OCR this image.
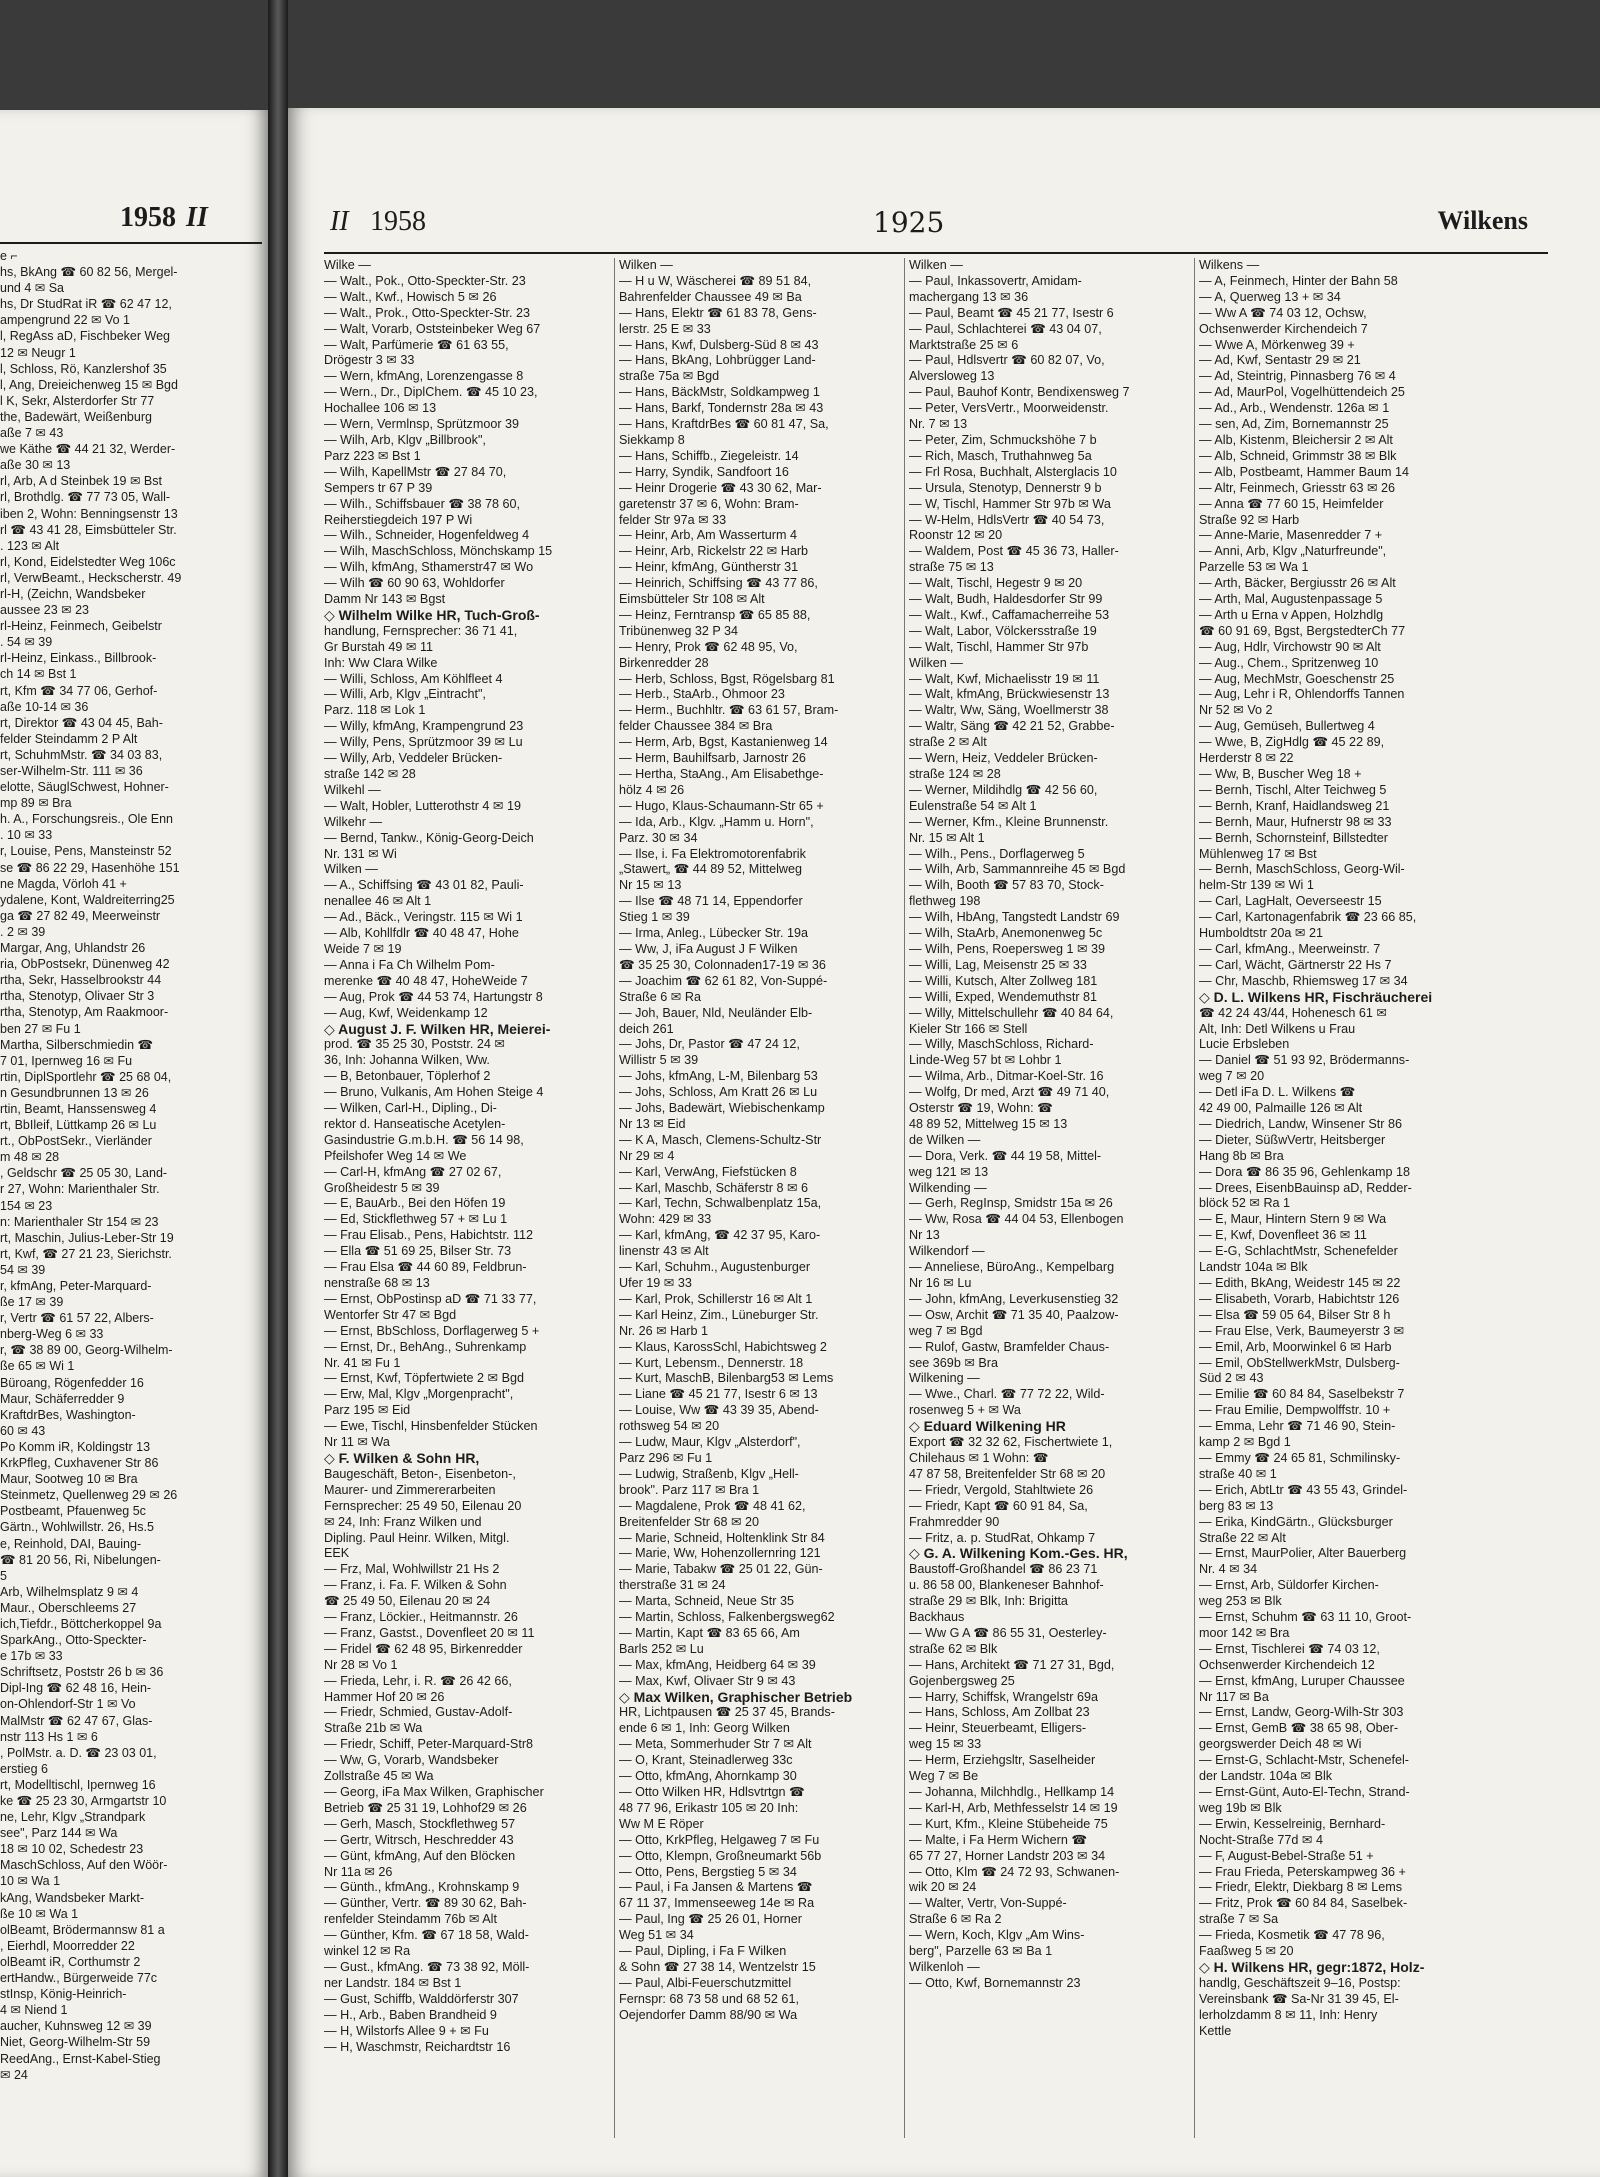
1958 II
e ⌐
hs, BkAng ☎ 60 82 56, Mergel-
und 4 ✉ Sa
hs, Dr StudRat iR ☎ 62 47 12,
ampengrund 22 ✉ Vo 1
l, RegAss aD, Fischbeker Weg
12 ✉ Neugr 1
l, Schloss, Rö, Kanzlershof 35
l, Ang, Dreieichenweg 15 ✉ Bgd
l K, Sekr, Alsterdorfer Str 77
the, Badewärt, Weißenburg
aße 7 ✉ 43
we Käthe ☎ 44 21 32, Werder-
aße 30 ✉ 13
rl, Arb, A d Steinbek 19 ✉ Bst
rl, Brothdlg. ☎ 77 73 05, Wall-
iben 2, Wohn: Benningsenstr 13
rl ☎ 43 41 28, Eimsbütteler Str.
. 123 ✉ Alt
rl, Kond, Eidelstedter Weg 106c
rl, VerwBeamt., Heckscherstr. 49
rl-H, (Zeichn, Wandsbeker
aussee 23 ✉ 23
rl-Heinz, Feinmech, Geibelstr
. 54 ✉ 39
rl-Heinz, Einkass., Billbrook-
ch 14 ✉ Bst 1
rt, Kfm ☎ 34 77 06, Gerhof-
aße 10-14 ✉ 36
rt, Direktor ☎ 43 04 45, Bah-
felder Steindamm 2 P Alt
rt, SchuhmMstr. ☎ 34 03 83,
ser-Wilhelm-Str. 111 ✉ 36
elotte, SäuglSchwest, Hohner-
mp 89 ✉ Bra
h. A., Forschungsreis., Ole Enn
. 10 ✉ 33
r, Louise, Pens, Mansteinstr 52
se ☎ 86 22 29, Hasenhöhe 151
ne Magda, Vörloh 41 +
ydalene, Kont, Waldreiterring25
ga ☎ 27 82 49, Meerweinstr
. 2 ✉ 39
Margar, Ang, Uhlandstr 26
ria, ObPostsekr, Dünenweg 42
rtha, Sekr, Hasselbrookstr 44
rtha, Stenotyp, Olivaer Str 3
rtha, Stenotyp, Am Raakmoor-
ben 27 ✉ Fu 1
Martha, Silberschmiedin ☎
7 01, Ipernweg 16 ✉ Fu
rtin, DiplSportlehr ☎ 25 68 04,
n Gesundbrunnen 13 ✉ 26
rtin, Beamt, Hanssensweg 4
rt, BbIleif, Lüttkamp 26 ✉ Lu
rt., ObPostSekr., Vierländer
m 48 ✉ 28
, Geldschr ☎ 25 05 30, Land-
r 27, Wohn: Marienthaler Str.
154 ✉ 23
n: Marienthaler Str 154 ✉ 23
rt, Maschin, Julius-Leber-Str 19
rt, Kwf, ☎ 27 21 23, Sierichstr.
54 ✉ 39
r, kfmAng, Peter-Marquard-
ße 17 ✉ 39
r, Vertr ☎ 61 57 22, Albers-
nberg-Weg 6 ✉ 33
r, ☎ 38 89 00, Georg-Wilhelm-
ße 65 ✉ Wi 1
Büroang, Rögenfedder 16
Maur, Schäferredder 9
KraftdrBes, Washington-
60 ✉ 43
Po Komm iR, Koldingstr 13
KrkPfleg, Cuxhavener Str 86
Maur, Sootweg 10 ✉ Bra
Steinmetz, Quellenweg 29 ✉ 26
Postbeamt, Pfauenweg 5c
Gärtn., Wohlwillstr. 26, Hs.5
e, Reinhold, DAI, Bauing-
☎ 81 20 56, Ri, Nibelungen-
5
Arb, Wilhelmsplatz 9 ✉ 4
Maur., Oberschleems 27
ich,Tiefdr., Böttcherkoppel 9a
SparkAng., Otto-Speckter-
e 17b ✉ 33
Schriftsetz, Poststr 26 b ✉ 36
Dipl-Ing ☎ 62 48 16, Hein-
on-Ohlendorf-Str 1 ✉ Vo
MalMstr ☎ 62 47 67, Glas-
nstr 113 Hs 1 ✉ 6
, PolMstr. a. D. ☎ 23 03 01,
erstieg 6
rt, Modelltischl, Ipernweg 16
ke ☎ 25 23 30, Armgartstr 10
ne, Lehr, Klgv „Strandpark
see", Parz 144 ✉ Wa
18 ✉ 10 02, Schedestr 23
MaschSchloss, Auf den Wöör-
10 ✉ Wa 1
kAng, Wandsbeker Markt-
ße 10 ✉ Wa 1
olBeamt, Brödermannsw 81 a
, Eierhdl, Moorredder 22
olBeamt iR, Corthumstr 2
ertHandw., Bürgerweide 77c
stInsp, König-Heinrich-
4 ✉ Niend 1
aucher, Kuhnsweg 12 ✉ 39
Niet, Georg-Wilhelm-Str 59
ReedAng., Ernst-Kabel-Stieg
✉ 24
II 1958	1925	Wilkens
Wilke —
— Walt., Pok., Otto-Speckter-Str. 23
— Walt., Kwf., Howisch 5 ✉ 26
— Walt., Prok., Otto-Speckter-Str. 23
— Walt, Vorarb, Oststeinbeker Weg 67
— Walt, Parfümerie ☎ 61 63 55,
Drögestr 3 ✉ 33
— Wern, kfmAng, Lorenzengasse 8
— Wern., Dr., DiplChem. ☎ 45 10 23,
Hochallee 106 ✉ 13
— Wern, Vermlnsp, Sprützmoor 39
— Wilh, Arb, Klgv „Billbrook",
Parz 223 ✉ Bst 1
— Wilh, KapellMstr ☎ 27 84 70,
Sempers tr 67 P 39
— Wilh., Schiffsbauer ☎ 38 78 60,
Reiherstiegdeich 197 P Wi
— Wilh., Schneider, Hogenfeldweg 4
— Wilh, MaschSchloss, Mönchskamp 15
— Wilh, kfmAng, Sthamerstr47 ✉ Wo
— Wilh ☎ 60 90 63, Wohldorfer
Damm Nr 143 ✉ Bgst
◇ Wilhelm Wilke HR, Tuch-Groß-
handlung, Fernsprecher: 36 71 41,
Gr Burstah 49 ✉ 11
Inh: Ww Clara Wilke
— Willi, Schloss, Am Köhlfleet 4
— Willi, Arb, Klgv „Eintracht",
Parz. 118 ✉ Lok 1
— Willy, kfmAng, Krampengrund 23
— Willy, Pens, Sprützmoor 39 ✉ Lu
— Willy, Arb, Veddeler Brücken-
straße 142 ✉ 28
Wilkehl —
— Walt, Hobler, Lutterothstr 4 ✉ 19
Wilkehr —
— Bernd, Tankw., König-Georg-Deich
Nr. 131 ✉ Wi
Wilken —
— A., Schiffsing ☎ 43 01 82, Pauli-
nenallee 46 ✉ Alt 1
— Ad., Bäck., Veringstr. 115 ✉ Wi 1
— Alb, Kohllfdlr ☎ 40 48 47, Hohe
Weide 7 ✉ 19
— Anna i Fa Ch Wilhelm Pom-
merenke ☎ 40 48 47, HoheWeide 7
— Aug, Prok ☎ 44 53 74, Hartungstr 8
— Aug, Kwf, Weidenkamp 12
◇ August J. F. Wilken HR, Meierei-
prod. ☎ 35 25 30, Poststr. 24 ✉
36, Inh: Johanna Wilken, Ww.
— B, Betonbauer, Töplerhof 2
— Bruno, Vulkanis, Am Hohen Steige 4
— Wilken, Carl-H., Dipling., Di-
rektor d. Hanseatische Acetylen-
Gasindustrie G.m.b.H. ☎ 56 14 98,
Pfeilshofer Weg 14 ✉ We
— Carl-H, kfmAng ☎ 27 02 67,
Großheidestr 5 ✉ 39
— E, BauArb., Bei den Höfen 19
— Ed, Stickflethweg 57 + ✉ Lu 1
— Frau Elisab., Pens, Habichtstr. 112
— Ella ☎ 51 69 25, Bilser Str. 73
— Frau Elsa ☎ 44 60 89, Feldbrun-
nenstraße 68 ✉ 13
— Ernst, ObPostinsp aD ☎ 71 33 77,
Wentorfer Str 47 ✉ Bgd
— Ernst, BbSchloss, Dorflagerweg 5 +
— Ernst, Dr., BehAng., Suhrenkamp
Nr. 41 ✉ Fu 1
— Ernst, Kwf, Töpfertwiete 2 ✉ Bgd
— Erw, Mal, Klgv „Morgenpracht",
Parz 195 ✉ Eid
— Ewe, Tischl, Hinsbenfelder Stücken
Nr 11 ✉ Wa
◇ F. Wilken & Sohn HR,
Baugeschäft, Beton-, Eisenbeton-,
Maurer- und Zimmererarbeiten
Fernsprecher: 25 49 50, Eilenau 20
✉ 24, Inh: Franz Wilken und
Dipling. Paul Heinr. Wilken, Mitgl.
EEK
— Frz, Mal, Wohlwillstr 21 Hs 2
— Franz, i. Fa. F. Wilken & Sohn
☎ 25 49 50, Eilenau 20 ✉ 24
— Franz, Löckier., Heitmannstr. 26
— Franz, Gastst., Dovenfleet 20 ✉ 11
— Fridel ☎ 62 48 95, Birkenredder
Nr 28 ✉ Vo 1
— Frieda, Lehr, i. R. ☎ 26 42 66,
Hammer Hof 20 ✉ 26
— Friedr, Schmied, Gustav-Adolf-
Straße 21b ✉ Wa
— Friedr, Schiff, Peter-Marquard-Str8
— Ww, G, Vorarb, Wandsbeker
Zollstraße 45 ✉ Wa
— Georg, iFa Max Wilken, Graphischer
Betrieb ☎ 25 31 19, Lohhof29 ✉ 26
— Gerh, Masch, Stockflethweg 57
— Gertr, Witrsch, Heschredder 43
— Günt, kfmAng, Auf den Blöcken
Nr 11a ✉ 26
— Günth., kfmAng., Krohnskamp 9
— Günther, Vertr. ☎ 89 30 62, Bah-
renfelder Steindamm 76b ✉ Alt
— Günther, Kfm. ☎ 67 18 58, Wald-
winkel 12 ✉ Ra
— Gust., kfmAng. ☎ 73 38 92, Möll-
ner Landstr. 184 ✉ Bst 1
— Gust, Schiffb, Walddörferstr 307
— H., Arb., Baben Brandheid 9
— H, Wilstorfs Allee 9 + ✉ Fu
— H, Waschmstr, Reichardtstr 16
Wilken —
— H u W, Wäscherei ☎ 89 51 84,
Bahrenfelder Chaussee 49 ✉ Ba
— Hans, Elektr ☎ 61 83 78, Gens-
lerstr. 25 E ✉ 33
— Hans, Kwf, Dulsberg-Süd 8 ✉ 43
— Hans, BkAng, Lohbrügger Land-
straße 75a ✉ Bgd
— Hans, BäckMstr, Soldkampweg 1
— Hans, Barkf, Tondernstr 28a ✉ 43
— Hans, KraftdrBes ☎ 60 81 47, Sa,
Siekkamp 8
— Hans, Schiffb., Ziegeleistr. 14
— Harry, Syndik, Sandfoort 16
— Heinr Drogerie ☎ 43 30 62, Mar-
garetenstr 37 ✉ 6, Wohn: Bram-
felder Str 97a ✉ 33
— Heinr, Arb, Am Wasserturm 4
— Heinr, Arb, Rickelstr 22 ✉ Harb
— Heinr, kfmAng, Güntherstr 31
— Heinrich, Schiffsing ☎ 43 77 86,
Eimsbütteler Str 108 ✉ Alt
— Heinz, Ferntransp ☎ 65 85 88,
Tribünenweg 32 P 34
— Henry, Prok ☎ 62 48 95, Vo,
Birkenredder 28
— Herb, Schloss, Bgst, Rögelsbarg 81
— Herb., StaArb., Ohmoor 23
— Herm., Buchhltr. ☎ 63 61 57, Bram-
felder Chaussee 384 ✉ Bra
— Herm, Arb, Bgst, Kastanienweg 14
— Herm, Bauhilfsarb, Jarnostr 26
— Hertha, StaAng., Am Elisabethge-
hölz 4 ✉ 26
— Hugo, Klaus-Schaumann-Str 65 +
— Ida, Arb., Klgv. „Hamm u. Horn",
Parz. 30 ✉ 34
— Ilse, i. Fa Elektromotorenfabrik
„Stawert„ ☎ 44 89 52, Mittelweg
Nr 15 ✉ 13
— Ilse ☎ 48 71 14, Eppendorfer
Stieg 1 ✉ 39
— Irma, Anleg., Lübecker Str. 19a
— Ww, J, iFa August J F Wilken
☎ 35 25 30, Colonnaden17-19 ✉ 36
— Joachim ☎ 62 61 82, Von-Suppé-
Straße 6 ✉ Ra
— Joh, Bauer, Nld, Neuländer Elb-
deich 261
— Johs, Dr, Pastor ☎ 47 24 12,
Willistr 5 ✉ 39
— Johs, kfmAng, L-M, Bilenbarg 53
— Johs, Schloss, Am Kratt 26 ✉ Lu
— Johs, Badewärt, Wiebischenkamp
Nr 13 ✉ Eid
— K A, Masch, Clemens-Schultz-Str
Nr 29 ✉ 4
— Karl, VerwAng, Fiefstücken 8
— Karl, Maschb, Schäferstr 8 ✉ 6
— Karl, Techn, Schwalbenplatz 15a,
Wohn: 429 ✉ 33
— Karl, kfmAng, ☎ 42 37 95, Karo-
linenstr 43 ✉ Alt
— Karl, Schuhm., Augustenburger
Ufer 19 ✉ 33
— Karl, Prok, Schillerstr 16 ✉ Alt 1
— Karl Heinz, Zim., Lüneburger Str.
Nr. 26 ✉ Harb 1
— Klaus, KarossSchl, Habichtsweg 2
— Kurt, Lebensm., Dennerstr. 18
— Kurt, MaschB, Bilenbarg53 ✉ Lems
— Liane ☎ 45 21 77, Isestr 6 ✉ 13
— Louise, Ww ☎ 43 39 35, Abend-
rothsweg 54 ✉ 20
— Ludw, Maur, Klgv „Alsterdorf",
Parz 296 ✉ Fu 1
— Ludwig, Straßenb, Klgv „Hell-
brook". Parz 117 ✉ Bra 1
— Magdalene, Prok ☎ 48 41 62,
Breitenfelder Str 68 ✉ 20
— Marie, Schneid, Holtenklink Str 84
— Marie, Ww, Hohenzollernring 121
— Marie, Tabakw ☎ 25 01 22, Gün-
therstraße 31 ✉ 24
— Marta, Schneid, Neue Str 35
— Martin, Schloss, Falkenbergsweg62
— Martin, Kapt ☎ 83 65 66, Am
Barls 252 ✉ Lu
— Max, kfmAng, Heidberg 64 ✉ 39
— Max, Kwf, Olivaer Str 9 ✉ 43
◇ Max Wilken, Graphischer Betrieb
HR, Lichtpausen ☎ 25 37 45, Brands-
ende 6 ✉ 1, Inh: Georg Wilken
— Meta, Sommerhuder Str 7 ✉ Alt
— O, Krant, Steinadlerweg 33c
— Otto, kfmAng, Ahornkamp 30
— Otto Wilken HR, Hdlsvtrtgn ☎
48 77 96, Erikastr 105 ✉ 20 Inh:
Ww M E Röper
— Otto, KrkPfleg, Helgaweg 7 ✉ Fu
— Otto, Klempn, Großneumarkt 56b
— Otto, Pens, Bergstieg 5 ✉ 34
— Paul, i Fa Jansen & Martens ☎
67 11 37, Immenseeweg 14e ✉ Ra
— Paul, Ing ☎ 25 26 01, Horner
Weg 51 ✉ 34
— Paul, Dipling, i Fa F Wilken
& Sohn ☎ 27 38 14, Wentzelstr 15
— Paul, Albi-Feuerschutzmittel
Fernspr: 68 73 58 und 68 52 61,
Oejendorfer Damm 88/90 ✉ Wa
Wilken —
— Paul, Inkassovertr, Amidam-
machergang 13 ✉ 36
— Paul, Beamt ☎ 45 21 77, Isestr 6
— Paul, Schlachterei ☎ 43 04 07,
Marktstraße 25 ✉ 6
— Paul, Hdlsvertr ☎ 60 82 07, Vo,
Alversloweg 13
— Paul, Bauhof Kontr, Bendixensweg 7
— Peter, VersVertr., Moorweidenstr.
Nr. 7 ✉ 13
— Peter, Zim, Schmuckshöhe 7 b
— Rich, Masch, Truthahnweg 5a
— Frl Rosa, Buchhalt, Alsterglacis 10
— Ursula, Stenotyp, Dennerstr 9 b
— W, Tischl, Hammer Str 97b ✉ Wa
— W-Helm, HdlsVertr ☎ 40 54 73,
Roonstr 12 ✉ 20
— Waldem, Post ☎ 45 36 73, Haller-
straße 75 ✉ 13
— Walt, Tischl, Hegestr 9 ✉ 20
— Walt, Budh, Haldesdorfer Str 99
— Walt., Kwf., Caffamacherreihe 53
— Walt, Labor, Völckersstraße 19
— Walt, Tischl, Hammer Str 97b
Wilken —
— Walt, Kwf, Michaelisstr 19 ✉ 11
— Walt, kfmAng, Brückwiesenstr 13
— Waltr, Ww, Säng, Woellmerstr 38
— Waltr, Säng ☎ 42 21 52, Grabbe-
straße 2 ✉ Alt
— Wern, Heiz, Veddeler Brücken-
straße 124 ✉ 28
— Werner, Mildihdlg ☎ 42 56 60,
Eulenstraße 54 ✉ Alt 1
— Werner, Kfm., Kleine Brunnenstr.
Nr. 15 ✉ Alt 1
— Wilh., Pens., Dorflagerweg 5
— Wilh, Arb, Sammannreihe 45 ✉ Bgd
— Wilh, Booth ☎ 57 83 70, Stock-
flethweg 198
— Wilh, HbAng, Tangstedt Landstr 69
— Wilh, StaArb, Anemonenweg 5c
— Wilh, Pens, Roepersweg 1 ✉ 39
— Willi, Lag, Meisenstr 25 ✉ 33
— Willi, Kutsch, Alter Zollweg 181
— Willi, Exped, Wendemuthstr 81
— Willy, Mittelschullehr ☎ 40 84 64,
Kieler Str 166 ✉ Stell
— Willy, MaschSchloss, Richard-
Linde-Weg 57 bt ✉ Lohbr 1
— Wilma, Arb., Ditmar-Koel-Str. 16
— Wolfg, Dr med, Arzt ☎ 49 71 40,
Osterstr ☎ 19, Wohn: ☎
48 89 52, Mittelweg 15 ✉ 13
de Wilken —
— Dora, Verk. ☎ 44 19 58, Mittel-
weg 121 ✉ 13
Wilkending —
— Gerh, RegInsp, Smidstr 15a ✉ 26
— Ww, Rosa ☎ 44 04 53, Ellenbogen
Nr 13
Wilkendorf —
— Anneliese, BüroAng., Kempelbarg
Nr 16 ✉ Lu
— John, kfmAng, Leverkusenstieg 32
— Osw, Archit ☎ 71 35 40, Paalzow-
weg 7 ✉ Bgd
— Rulof, Gastw, Bramfelder Chaus-
see 369b ✉ Bra
Wilkening —
— Wwe., Charl. ☎ 77 72 22, Wild-
rosenweg 5 + ✉ Wa
◇ Eduard Wilkening HR
Export ☎ 32 32 62, Fischertwiete 1,
Chilehaus ✉ 1 Wohn: ☎
47 87 58, Breitenfelder Str 68 ✉ 20
— Friedr, Vergold, Stahltwiete 26
— Friedr, Kapt ☎ 60 91 84, Sa,
Frahmredder 90
— Fritz, a. p. StudRat, Ohkamp 7
◇ G. A. Wilkening Kom.-Ges. HR,
Baustoff-Großhandel ☎ 86 23 71
u. 86 58 00, Blankeneser Bahnhof-
straße 29 ✉ Blk, Inh: Brigitta
Backhaus
— Ww G A ☎ 86 55 31, Oesterley-
straße 62 ✉ Blk
— Hans, Architekt ☎ 71 27 31, Bgd,
Gojenbergsweg 25
— Harry, Schiffsk, Wrangelstr 69a
— Hans, Schloss, Am Zollbat 23
— Heinr, Steuerbeamt, Elligers-
weg 15 ✉ 33
— Herm, Erziehgsltr, Saselheider
Weg 7 ✉ Be
— Johanna, Milchhdlg., Hellkamp 14
— Karl-H, Arb, Methfesselstr 14 ✉ 19
— Kurt, Kfm., Kleine Stübeheide 75
— Malte, i Fa Herm Wichern ☎
65 77 27, Horner Landstr 203 ✉ 34
— Otto, Klm ☎ 24 72 93, Schwanen-
wik 20 ✉ 24
— Walter, Vertr, Von-Suppé-
Straße 6 ✉ Ra 2
— Wern, Koch, Klgv „Am Wins-
berg", Parzelle 63 ✉ Ba 1
Wilkenloh —
— Otto, Kwf, Bornemannstr 23
Wilkens —
— A, Feinmech, Hinter der Bahn 58
— A, Querweg 13 + ✉ 34
— Ww A ☎ 74 03 12, Ochsw,
Ochsenwerder Kirchendeich 7
— Wwe A, Mörkenweg 39 +
— Ad, Kwf, Sentastr 29 ✉ 21
— Ad, Steintrig, Pinnasberg 76 ✉ 4
— Ad, MaurPol, Vogelhüttendeich 25
— Ad., Arb., Wendenstr. 126a ✉ 1
— sen, Ad, Zim, Bornemannstr 25
— Alb, Kistenm, Bleichersir 2 ✉ Alt
— Alb, Schneid, Grimmstr 38 ✉ Blk
— Alb, Postbeamt, Hammer Baum 14
— Altr, Feinmech, Griesstr 63 ✉ 26
— Anna ☎ 77 60 15, Heimfelder
Straße 92 ✉ Harb
— Anne-Marie, Masenredder 7 +
— Anni, Arb, Klgv „Naturfreunde",
Parzelle 53 ✉ Wa 1
— Arth, Bäcker, Bergiusstr 26 ✉ Alt
— Arth, Mal, Augustenpassage 5
— Arth u Erna v Appen, Holzhdlg
☎ 60 91 69, Bgst, BergstedterCh 77
— Aug, Hdlr, Virchowstr 90 ✉ Alt
— Aug., Chem., Spritzenweg 10
— Aug, MechMstr, Goeschenstr 25
— Aug, Lehr i R, Ohlendorffs Tannen
Nr 52 ✉ Vo 2
— Aug, Gemüseh, Bullertweg 4
— Wwe, B, ZigHdlg ☎ 45 22 89,
Herderstr 8 ✉ 22
— Ww, B, Buscher Weg 18 +
— Bernh, Tischl, Alter Teichweg 5
— Bernh, Kranf, Haidlandsweg 21
— Bernh, Maur, Hufnerstr 98 ✉ 33
— Bernh, Schornsteinf, Billstedter
Mühlenweg 17 ✉ Bst
— Bernh, MaschSchloss, Georg-Wil-
helm-Str 139 ✉ Wi 1
— Carl, LagHalt, Oeverseestr 15
— Carl, Kartonagenfabrik ☎ 23 66 85,
Humboldtstr 20a ✉ 21
— Carl, kfmAng., Meerweinstr. 7
— Carl, Wächt, Gärtnerstr 22 Hs 7
— Chr, Maschb, Rhiemsweg 17 ✉ 34
◇ D. L. Wilkens HR, Fischräucherei
☎ 42 24 43/44, Hohenesch 61 ✉
Alt, Inh: Detl Wilkens u Frau
Lucie Erbsleben
— Daniel ☎ 51 93 92, Brödermanns-
weg 7 ✉ 20
— Detl iFa D. L. Wilkens ☎
42 49 00, Palmaille 126 ✉ Alt
— Diedrich, Landw, Winsener Str 86
— Dieter, SüßwVertr, Heitsberger
Hang 8b ✉ Bra
— Dora ☎ 86 35 96, Gehlenkamp 18
— Drees, EisenbBauinsp aD, Redder-
blöck 52 ✉ Ra 1
— E, Maur, Hintern Stern 9 ✉ Wa
— E, Kwf, Dovenfleet 36 ✉ 11
— E-G, SchlachtMstr, Schenefelder
Landstr 104a ✉ Blk
— Edith, BkAng, Weidestr 145 ✉ 22
— Elisabeth, Vorarb, Habichtstr 126
— Elsa ☎ 59 05 64, Bilser Str 8 h
— Frau Else, Verk, Baumeyerstr 3 ✉
— Emil, Arb, Moorwinkel 6 ✉ Harb
— Emil, ObStellwerkMstr, Dulsberg-
Süd 2 ✉ 43
— Emilie ☎ 60 84 84, Saselbekstr 7
— Frau Emilie, Dempwolffstr. 10 +
— Emma, Lehr ☎ 71 46 90, Stein-
kamp 2 ✉ Bgd 1
— Emmy ☎ 24 65 81, Schmilinsky-
straße 40 ✉ 1
— Erich, AbtLtr ☎ 43 55 43, Grindel-
berg 83 ✉ 13
— Erika, KindGärtn., Glücksburger
Straße 22 ✉ Alt
— Ernst, MaurPolier, Alter Bauerberg
Nr. 4 ✉ 34
— Ernst, Arb, Süldorfer Kirchen-
weg 253 ✉ Blk
— Ernst, Schuhm ☎ 63 11 10, Groot-
moor 142 ✉ Bra
— Ernst, Tischlerei ☎ 74 03 12,
Ochsenwerder Kirchendeich 12
— Ernst, kfmAng, Luruper Chaussee
Nr 117 ✉ Ba
— Ernst, Landw, Georg-Wilh-Str 303
— Ernst, GemB ☎ 38 65 98, Ober-
georgswerder Deich 48 ✉ Wi
— Ernst-G, Schlacht-Mstr, Schenefel-
der Landstr. 104a ✉ Blk
— Ernst-Günt, Auto-El-Techn, Strand-
weg 19b ✉ Blk
— Erwin, Kesselreinig, Bernhard-
Nocht-Straße 77d ✉ 4
— F, August-Bebel-Straße 51 +
— Frau Frieda, Peterskampweg 36 +
— Friedr, Elektr, Diekbarg 8 ✉ Lems
— Fritz, Prok ☎ 60 84 84, Saselbek-
straße 7 ✉ Sa
— Frieda, Kosmetik ☎ 47 78 96,
Faaßweg 5 ✉ 20
◇ H. Wilkens HR, gegr:1872, Holz-
handlg, Geschäftszeit 9–16, Postsp:
Vereinsbank ☎ Sa-Nr 31 39 45, El-
lerholzdamm 8 ✉ 11, Inh: Henry
Kettle
